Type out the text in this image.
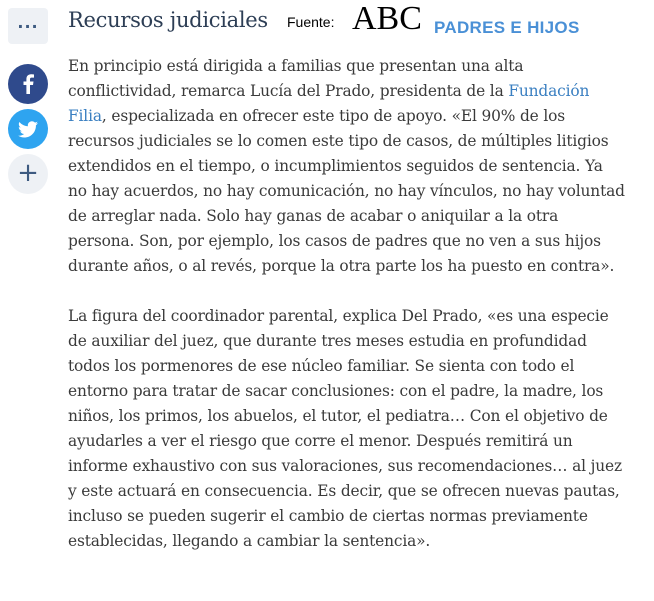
...
+
Recursos judiciales Fuente: ABC PADRES E HIJOS

En principio está dirigida a familias que presentan una alta conflictividad, remarca Lucía del Prado, presidenta de la Fundación Filia, especializada en ofrecer este tipo de apoyo. «El 90% de los recursos judiciales se lo comen este tipo de casos, de múltiples litigios extendidos en el tiempo, o incumplimientos seguidos de sentencia. Ya no hay acuerdos, no hay comunicación, no hay vínculos, no hay voluntad de arreglar nada. Solo hay ganas de acabar o aniquilar a la otra persona. Son, por ejemplo, los casos de padres que no ven a sus hijos durante años, o al revés, porque la otra parte los ha puesto en contra».

La figura del coordinador parental, explica Del Prado, «es una especie de auxiliar del juez, que durante tres meses estudia en profundidad todos los pormenores de ese núcleo familiar. Se sienta con todo el entorno para tratar de sacar conclusiones: con el padre, la madre, los niños, los primos, los abuelos, el tutor, el pediatra… Con el objetivo de ayudarles a ver el riesgo que corre el menor. Después remitirá un informe exhaustivo con sus valoraciones, sus recomendaciones… al juez y este actuará en consecuencia. Es decir, que se ofrecen nuevas pautas, incluso se pueden sugerir el cambio de ciertas normas previamente establecidas, llegando a cambiar la sentencia».
